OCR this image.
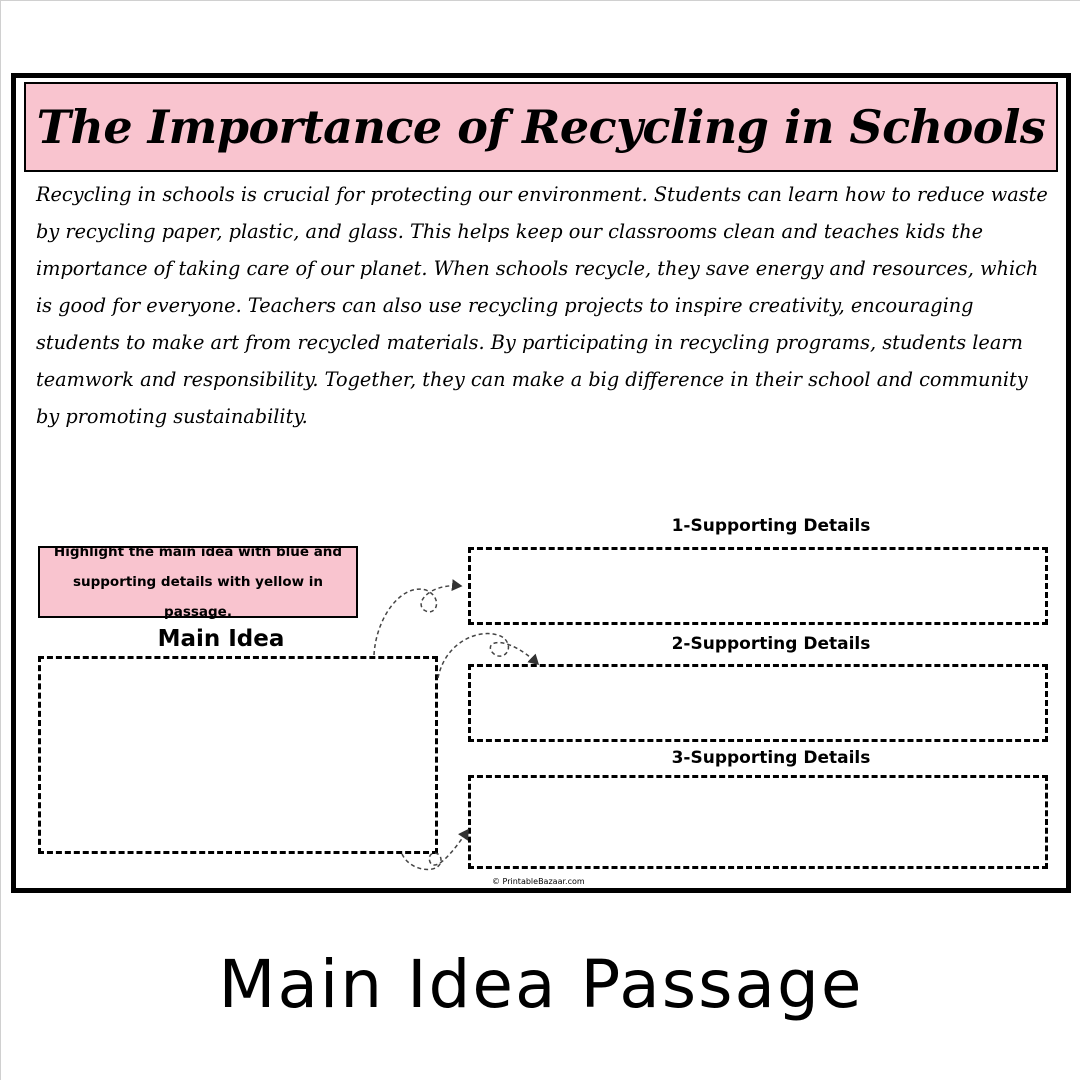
The Importance of Recycling in Schools

Recycling in schools is crucial for protecting our environment. Students can learn how to reduce waste by recycling paper, plastic, and glass. This helps keep our classrooms clean and teaches kids the importance of taking care of our planet. When schools recycle, they save energy and resources, which is good for everyone. Teachers can also use recycling projects to inspire creativity, encouraging students to make art from recycled materials. By participating in recycling programs, students learn teamwork and responsibility. Together, they can make a big difference in their school and community by promoting sustainability.

Highlight the main idea with blue and
supporting details with yellow in passage.
Main Idea
1-Supporting Details
2-Supporting Details
3-Supporting Details
© PrintableBazaar.com
Main Idea Passage
